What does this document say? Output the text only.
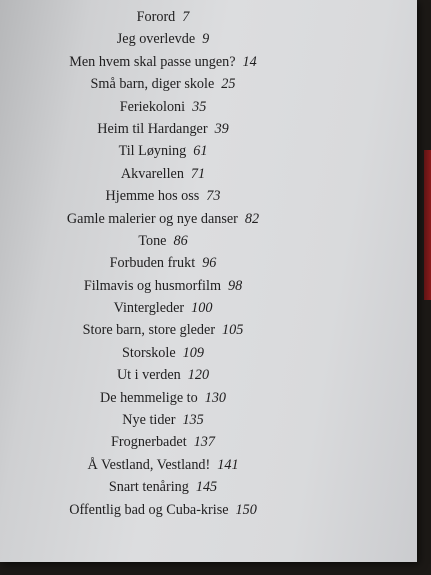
Forord 7
Jeg overlevde 9
Men hvem skal passe ungen? 14
Små barn, diger skole 25
Feriekoloni 35
Heim til Hardanger 39
Til Løyning 61
Akvarellen 71
Hjemme hos oss 73
Gamle malerier og nye danser 82
Tone 86
Forbuden frukt 96
Filmavis og husmorfilm 98
Vintergleder 100
Store barn, store gleder 105
Storskole 109
Ut i verden 120
De hemmelige to 130
Nye tider 135
Frognerbadet 137
Å Vestland, Vestland! 141
Snart tenåring 145
Offentlig bad og Cuba-krise 150
